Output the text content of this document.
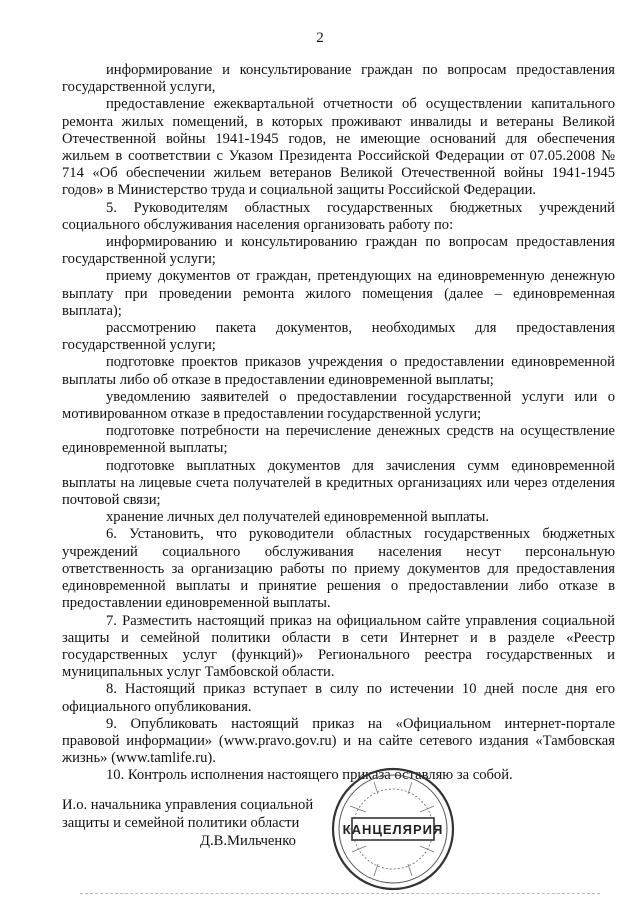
2

информирование и консультирование граждан по вопросам предоставления государственной услуги,

предоставление ежеквартальной отчетности об осуществлении капитального ремонта жилых помещений, в которых проживают инвалиды и ветераны Великой Отечественной войны 1941-1945 годов, не имеющие оснований для обеспечения жильем в соответствии с Указом Президента Российской Федерации от 07.05.2008 № 714 «Об обеспечении жильем ветеранов Великой Отечественной войны 1941-1945 годов» в Министерство труда и социальной защиты Российской Федерации.

5. Руководителям областных государственных бюджетных учреждений социального обслуживания населения организовать работу по:

информированию и консультированию граждан по вопросам предоставления государственной услуги;

приему документов от граждан, претендующих на единовременную денежную выплату при проведении ремонта жилого помещения (далее – единовременная выплата);

рассмотрению пакета документов, необходимых для предоставления государственной услуги;

подготовке проектов приказов учреждения о предоставлении единовременной выплаты либо об отказе в предоставлении единовременной выплаты;

уведомлению заявителей о предоставлении государственной услуги или о мотивированном отказе в предоставлении государственной услуги;

подготовке потребности на перечисление денежных средств на осуществление единовременной выплаты;

подготовке выплатных документов для зачисления сумм единовременной выплаты на лицевые счета получателей в кредитных организациях или через отделения почтовой связи;

хранение личных дел получателей единовременной выплаты.

6. Установить, что руководители областных государственных бюджетных учреждений социального обслуживания населения несут персональную ответственность за организацию работы по приему документов для предоставления единовременной выплаты и принятие решения о предоставлении либо отказе в предоставлении единовременной выплаты.

7. Разместить настоящий приказ на официальном сайте управления социальной защиты и семейной политики области в сети Интернет и в разделе «Реестр государственных услуг (функций)» Регионального реестра государственных и муниципальных услуг Тамбовской области.

8. Настоящий приказ вступает в силу по истечении 10 дней после дня его официального опубликования.

9. Опубликовать настоящий приказ на «Официальном интернет-портале правовой информации» (www.pravo.gov.ru) и на сайте сетевого издания «Тамбовская жизнь» (www.tamlife.ru).

10. Контроль исполнения настоящего приказа оставляю за собой.

И.о. начальника управления социальной
защиты и семейной политики области
Д.В.Мильченко
КАНЦЕЛЯРИЯ
